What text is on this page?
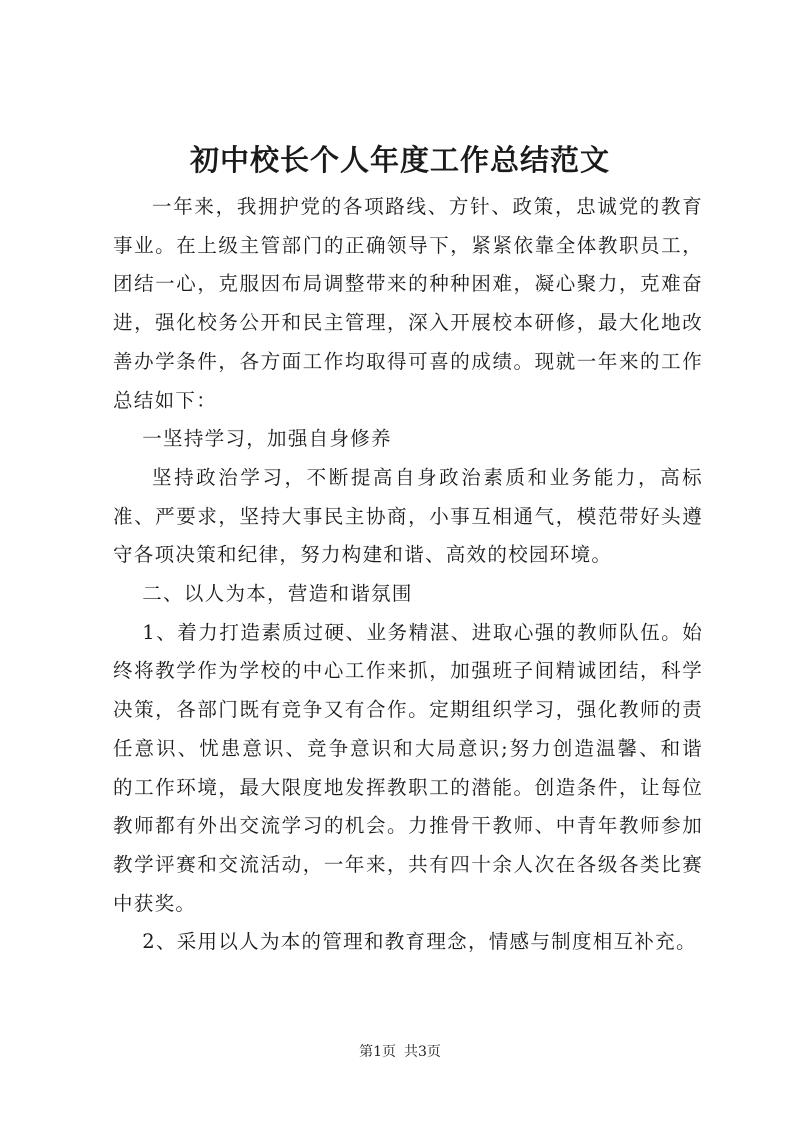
初中校长个人年度工作总结范文

一年来，我拥护党的各项路线、方针、政策，忠诚党的教育事业。在上级主管部门的正确领导下，紧紧依靠全体教职员工，团结一心，克服因布局调整带来的种种困难，凝心聚力，克难奋进，强化校务公开和民主管理，深入开展校本研修，最大化地改善办学条件，各方面工作均取得可喜的成绩。现就一年来的工作总结如下：

一坚持学习，加强自身修养

坚持政治学习，不断提高自身政治素质和业务能力，高标准、严要求，坚持大事民主协商，小事互相通气，模范带好头遵守各项决策和纪律，努力构建和谐、高效的校园环境。

二、以人为本，营造和谐氛围

1、着力打造素质过硬、业务精湛、进取心强的教师队伍。始终将教学作为学校的中心工作来抓，加强班子间精诚团结，科学决策，各部门既有竞争又有合作。定期组织学习，强化教师的责任意识、忧患意识、竞争意识和大局意识;努力创造温馨、和谐的工作环境，最大限度地发挥教职工的潜能。创造条件，让每位教师都有外出交流学习的机会。力推骨干教师、中青年教师参加教学评赛和交流活动，一年来，共有四十余人次在各级各类比赛中获奖。

2、采用以人为本的管理和教育理念，情感与制度相互补充。

第1页 共3页
